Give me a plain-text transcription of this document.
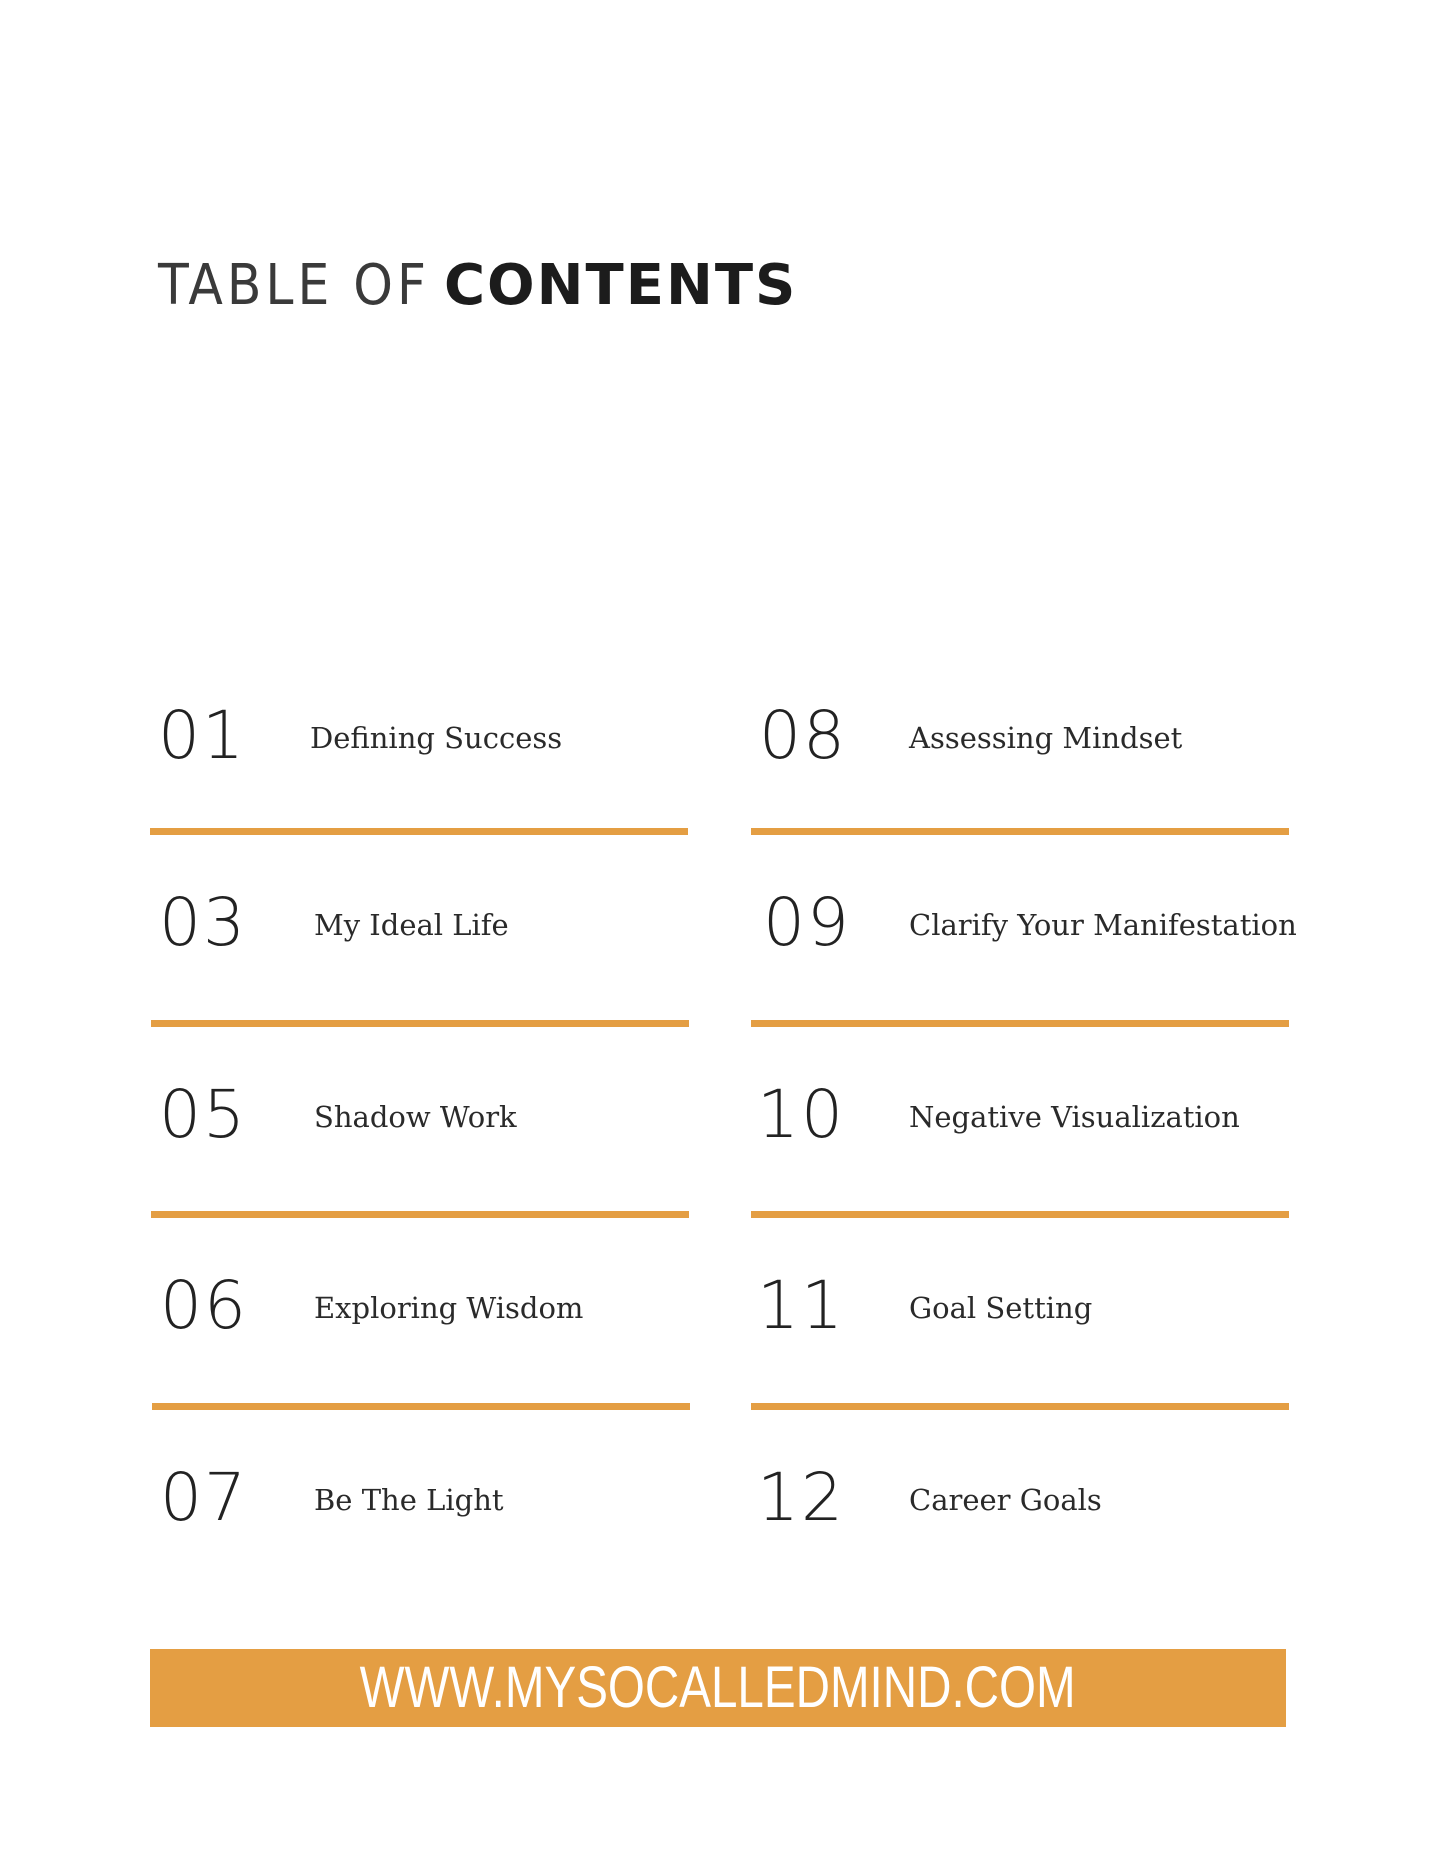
TABLE OF CONTENTS
01 Defining Success
03 My Ideal Life
05 Shadow Work
06 Exploring Wisdom
07 Be The Light
08 Assessing Mindset
09 Clarify Your Manifestation
10 Negative Visualization
11 Goal Setting
12 Career Goals
WWW.MYSOCALLEDMIND.COM
